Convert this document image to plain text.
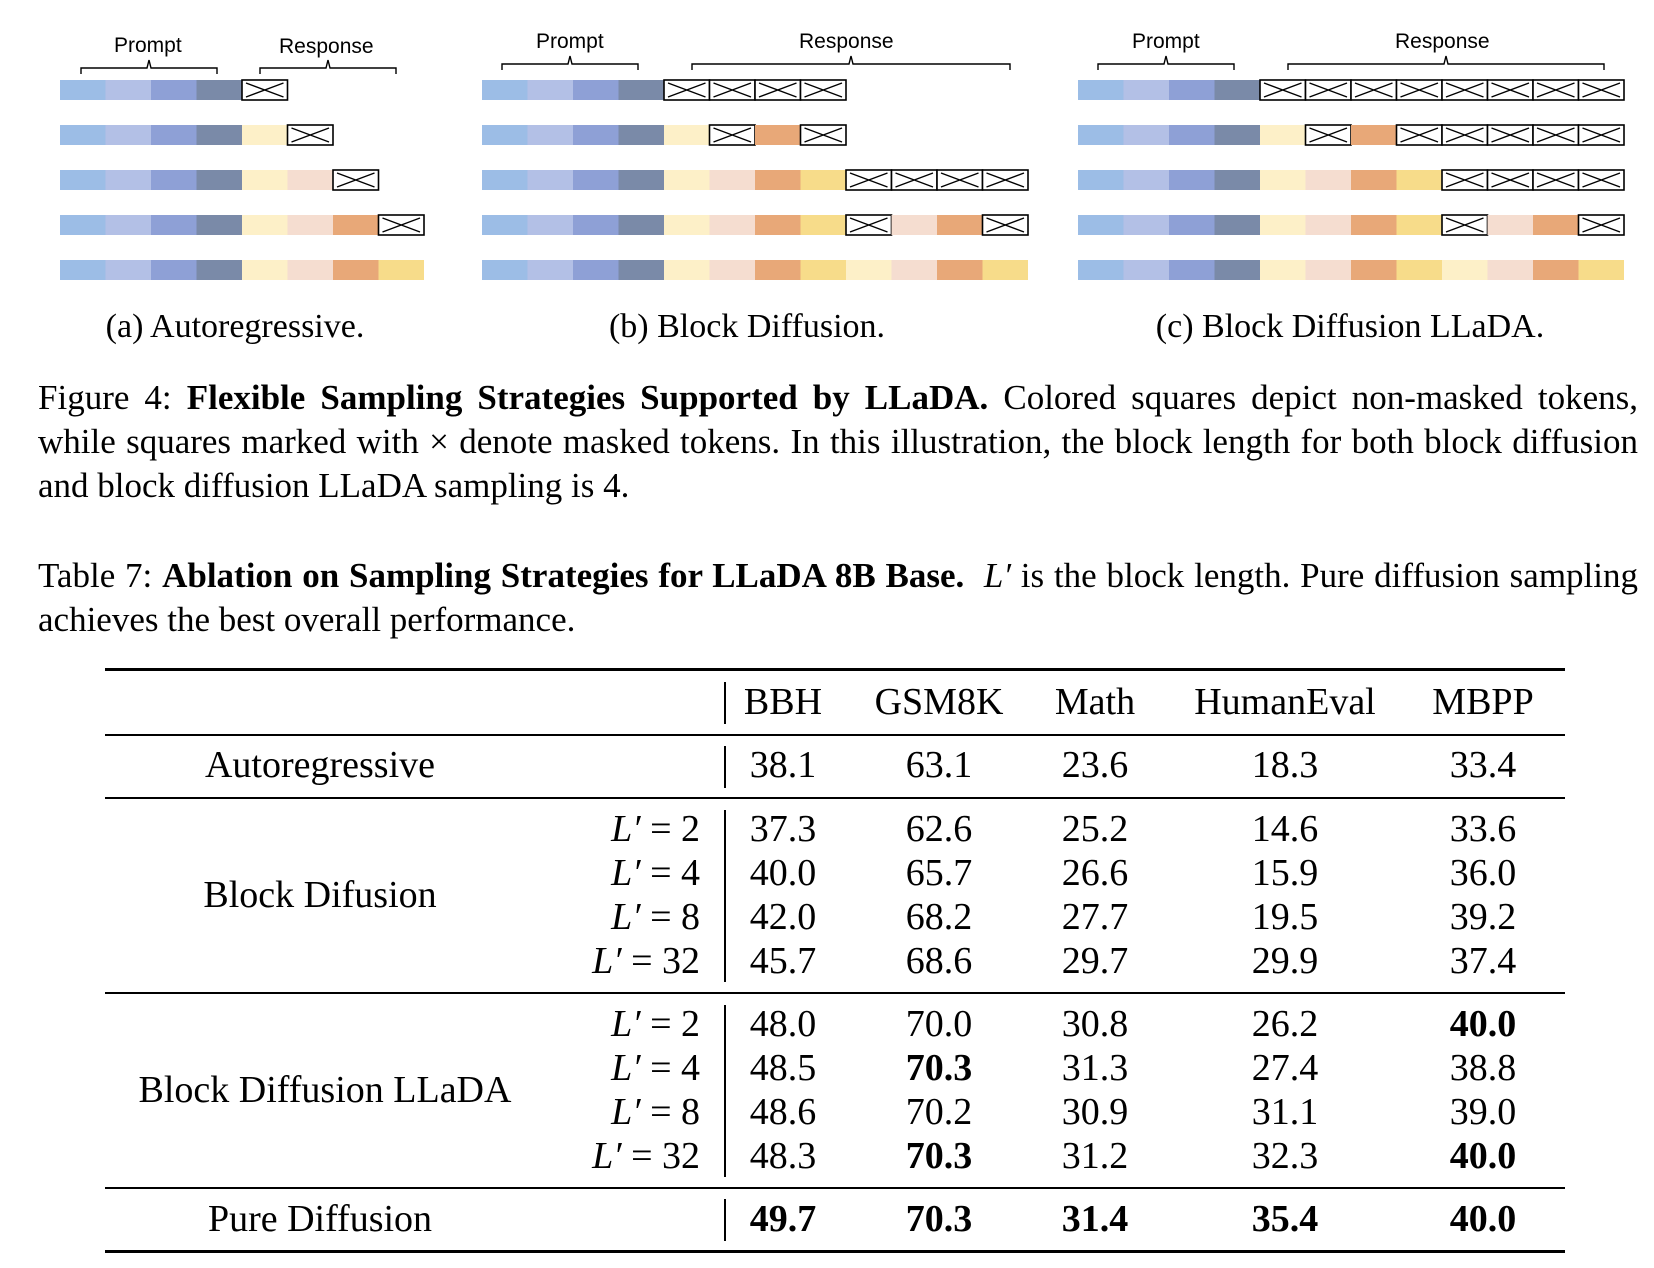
Prompt	Response
(a) Autoregressive.
Prompt	Response
(b) Block Diffusion.
Prompt	Response
(c) Block Diffusion LLaDA.
Figure 4: Flexible Sampling Strategies Supported by LLaDA. Colored squares depict non-masked tokens, while squares marked with × denote masked tokens. In this illustration, the block length for both block diffusion and block diffusion LLaDA sampling is 4.
Table 7: Ablation on Sampling Strategies for LLaDA 8B Base. L′ is the block length. Pure diffusion sampling achieves the best overall performance.
BBH	GSM8K	Math	HumanEval	MBPP
Autoregressive	38.1	63.1	23.6	18.3	33.4
Block Difusion
L′ = 2	37.3	62.6	25.2	14.6	33.6
L′ = 4	40.0	65.7	26.6	15.9	36.0
L′ = 8	42.0	68.2	27.7	19.5	39.2
L′ = 32	45.7	68.6	29.7	29.9	37.4
Block Diffusion LLaDA
L′ = 2	48.0	70.0	30.8	26.2	40.0
L′ = 4	48.5	70.3	31.3	27.4	38.8
L′ = 8	48.6	70.2	30.9	31.1	39.0
L′ = 32	48.3	70.3	31.2	32.3	40.0
Pure Diffusion	49.7	70.3	31.4	35.4	40.0
